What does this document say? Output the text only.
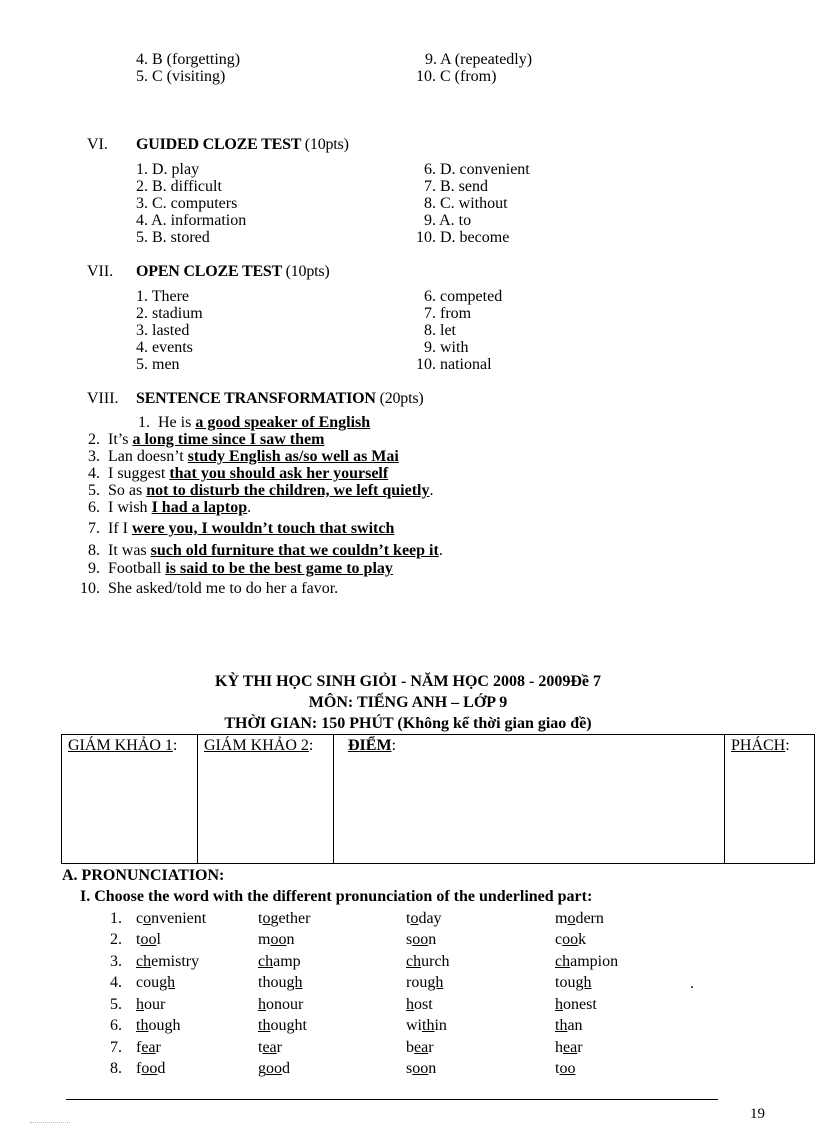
4. B (forgetting)
5. C (visiting)
9. A (repeatedly)
10. C (from)
VI. GUIDED CLOZE TEST (10pts)
1. D. play
2. B. difficult
3. C. computers
4. A. information
5. B. stored
6. D. convenient
7. B. send
8. C. without
9. A. to
10. D. become
VII. OPEN CLOZE TEST (10pts)
1. There
2. stadium
3. lasted
4. events
5. men
6. competed
7. from
8. let
9. with
10. national
VIII. SENTENCE TRANSFORMATION (20pts)
1. He is a good speaker of English
2. It’s a long time since I saw them
3. Lan doesn’t study English as/so well as Mai
4. I suggest that you should ask her yourself
5. So as not to disturb the children, we left quietly.
6. I wish I had a laptop.
7. If I were you, I wouldn’t touch that switch
8. It was such old furniture that we couldn’t keep it.
9. Football is said to be the best game to play
10. She asked/told me to do her a favor.
KỲ THI HỌC SINH GIỎI - NĂM HỌC 2008 - 2009 Đề 7
MÔN: TIẾNG ANH – LỚP 9
THỜI GIAN: 150 PHÚT (Không kể thời gian giao đề)
GIÁM KHẢO 1:	GIÁM KHẢO 2:	ĐIỂM:	PHÁCH:
A. PRONUNCIATION:
I. Choose the word with the different pronunciation of the underlined part:
1. convenient	together	today	modern
2. tool	moon	soon	cook
3. chemistry	champ	church	champion
4. cough	though	rough	tough
5. hour	honour	host	honest
6. though	thought	within	than
7. fear	tear	bear	hear
8. food	good	soon	too
.
19
